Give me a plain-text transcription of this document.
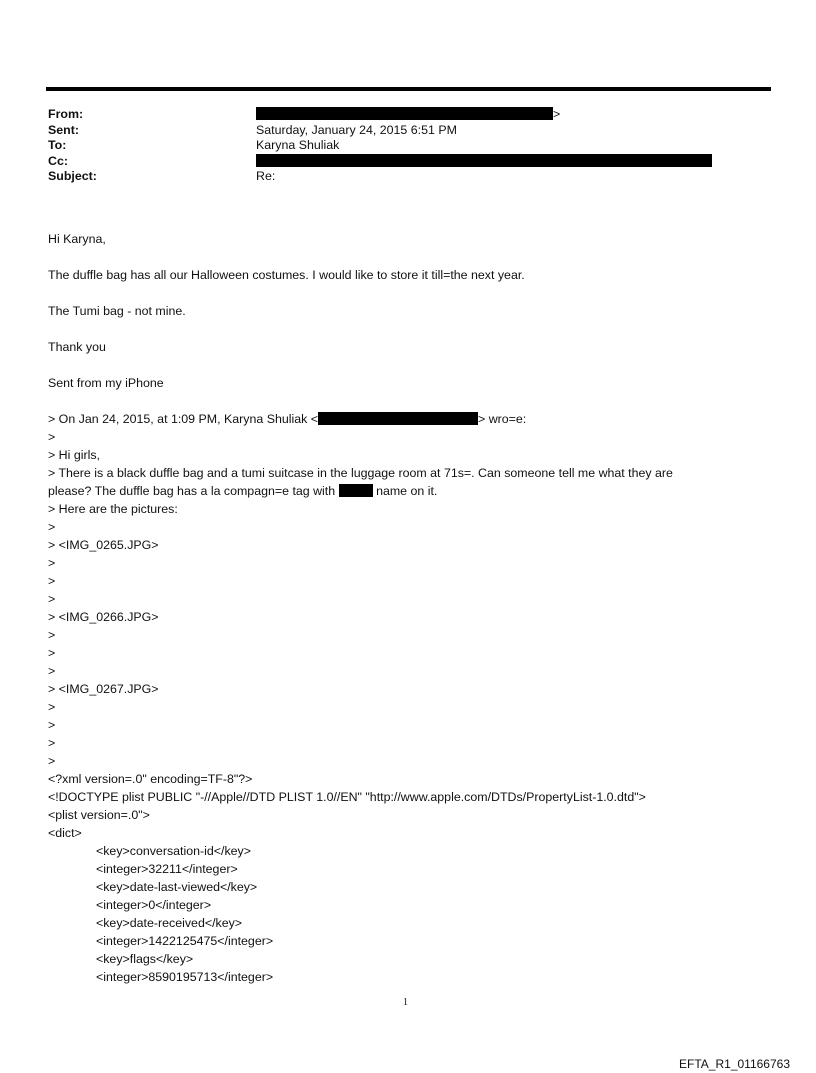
From:	>
Sent:	Saturday, January 24, 2015 6:51 PM
To:	Karyna Shuliak
Cc:
Subject:	Re:
Hi Karyna,
The duffle bag has all our Halloween costumes. I would like to store it till=the next year.
The Tumi bag - not mine.
Thank you
Sent from my iPhone
> On Jan 24, 2015, at 1:09 PM, Karyna Shuliak <	> wro=e:
>
> Hi girls,
> There is a black duffle bag and a tumi suitcase in the luggage room at 71s=. Can someone tell me what they are
please? The duffle bag has a la compagn=e tag with	name on it.
> Here are the pictures:
>
> <IMG_0265.JPG>
>
>
>
> <IMG_0266.JPG>
>
>
>
> <IMG_0267.JPG>
>
>
>
>
<?xml version=.0" encoding=TF-8"?>
<!DOCTYPE plist PUBLIC "-//Apple//DTD PLIST 1.0//EN" "http://www.apple.com/DTDs/PropertyList-1.0.dtd">
<plist version=.0">
<dict>
<key>conversation-id</key>
<integer>32211</integer>
<key>date-last-viewed</key>
<integer>0</integer>
<key>date-received</key>
<integer>1422125475</integer>
<key>flags</key>
<integer>8590195713</integer>
1
EFTA_R1_01166763
